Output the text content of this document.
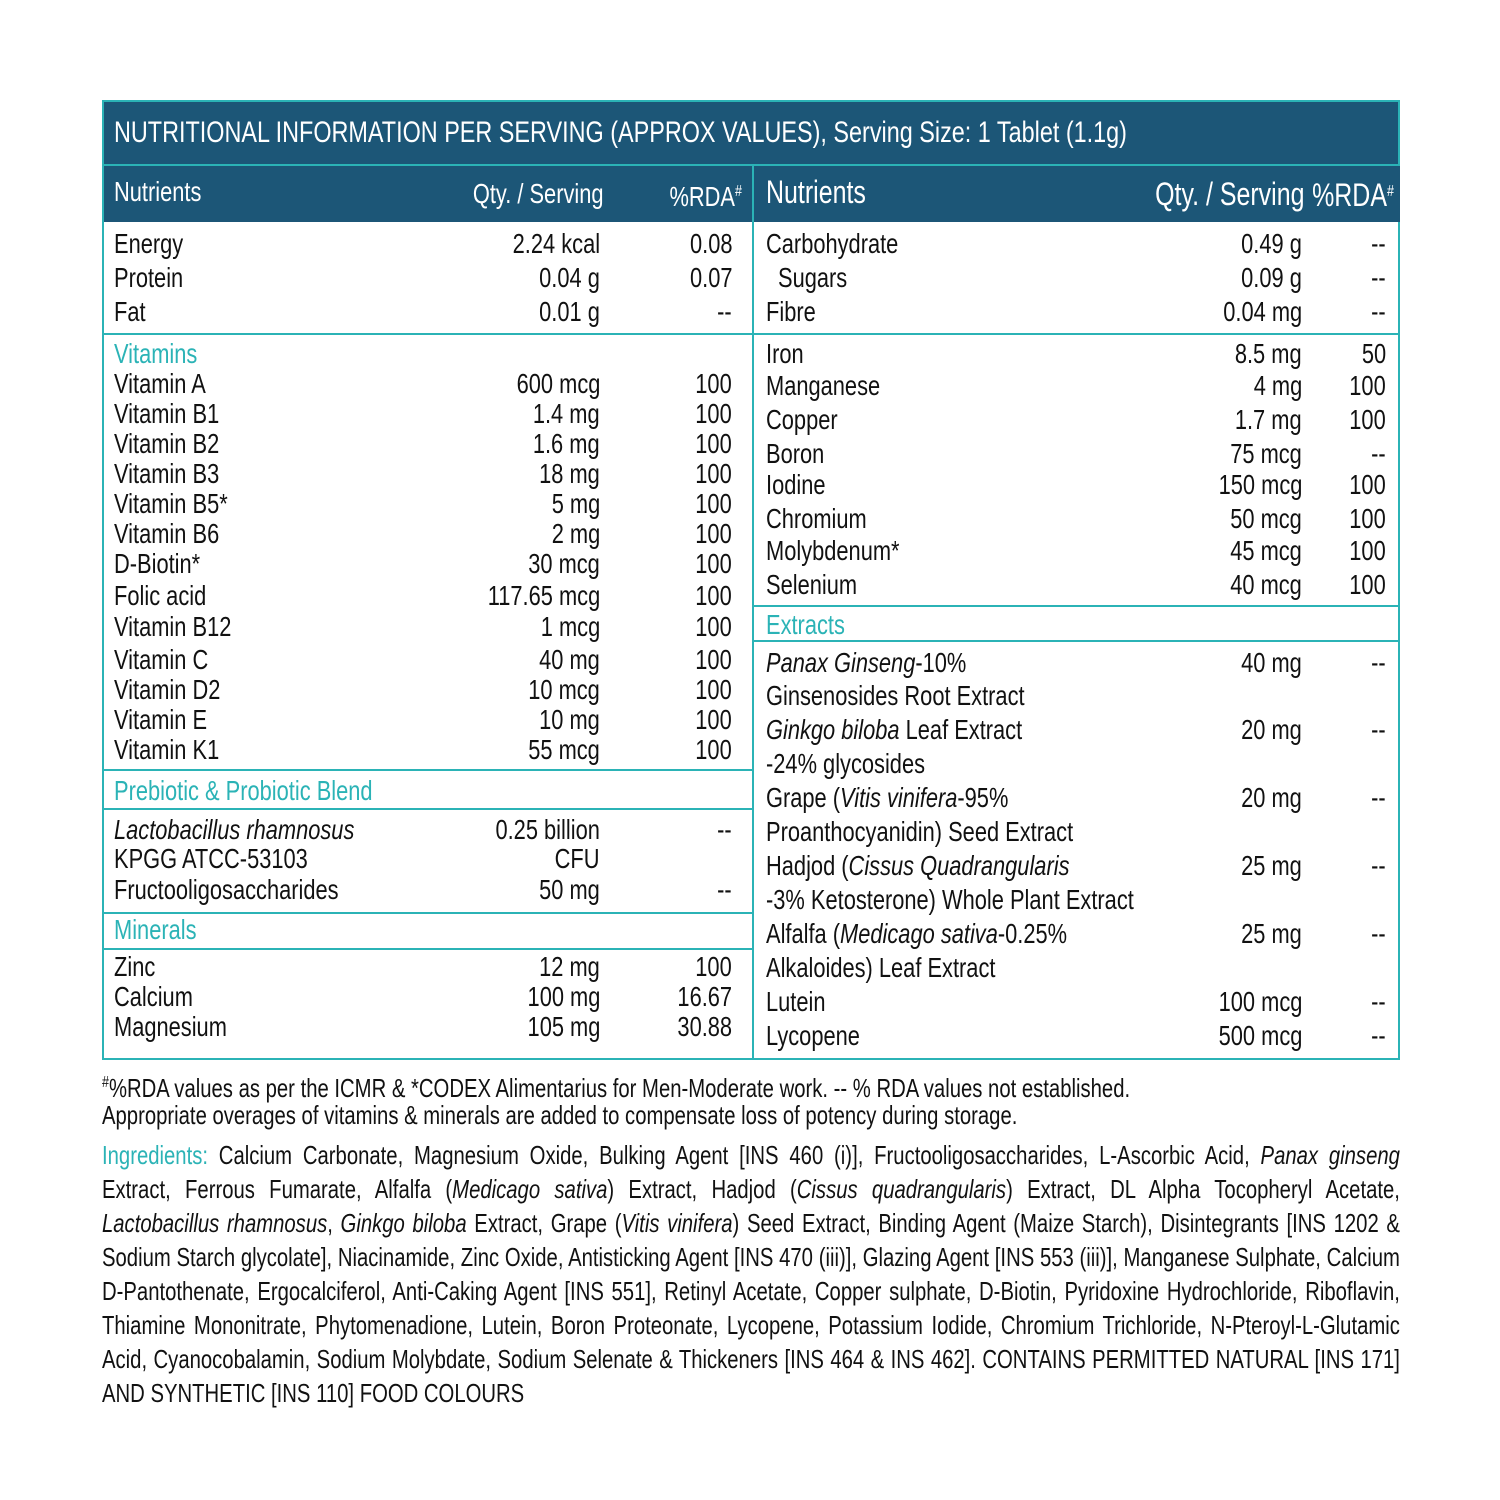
NUTRITIONAL INFORMATION PER SERVING (APPROX VALUES), Serving Size: 1 Tablet (1.1g)
Nutrients	Qty. / Serving %RDA# Nutrients	Qty. / Serving %RDA#
Energy	2.24 kcal	0.08
Protein	0.04 g	0.07
Fat	0.01 g	--
Vitamins
Vitamin A	600 mcg	100
Vitamin B1	1.4 mg	100
Vitamin B2	1.6 mg	100
Vitamin B3	18 mg	100
Vitamin B5*	5 mg	100
Vitamin B6	2 mg	100
D-Biotin*	30 mcg	100
Folic acid	117.65 mcg	100
Vitamin B12	1 mcg	100
Vitamin C	40 mg	100
Vitamin D2	10 mcg	100
Vitamin E	10 mg	100
Vitamin K1	55 mcg	100
Prebiotic & Probiotic Blend
Lactobacillus rhamnosus	0.25 billion	--
KPGG ATCC-53103	CFU
Fructooligosaccharides	50 mg	--
Minerals
Zinc	12 mg	100
Calcium	100 mg	16.67
Magnesium	105 mg	30.88
Carbohydrate	0.49 g --
Sugars	0.09 g --
Fibre	0.04 mg --
Iron	8.5 mg 50
Manganese	4 mg 100
Copper	1.7 mg 100
Boron	75 mcg --
Iodine	150 mcg 100
Chromium	50 mcg 100
Molybdenum*	45 mcg 100
Selenium	40 mcg 100
Extracts
Panax Ginseng-10%	40 mg --
Ginsenosides Root Extract
Ginkgo biloba Leaf Extract	20 mg --
-24% glycosides
Grape (Vitis vinifera-95%	20 mg --
Proanthocyanidin) Seed Extract
Hadjod (Cissus Quadrangularis	25 mg --
-3% Ketosterone) Whole Plant Extract
Alfalfa (Medicago sativa-0.25%	25 mg --
Alkaloides) Leaf Extract
Lutein	100 mcg --
Lycopene	500 mcg --
#%RDA values as per the ICMR & *CODEX Alimentarius for Men-Moderate work. -- % RDA values not established.
Appropriate overages of vitamins & minerals are added to compensate loss of potency during storage.
Ingredients: Calcium Carbonate, Magnesium Oxide, Bulking Agent [INS 460 (i)], Fructooligosaccharides, L-Ascorbic Acid, Panax ginseng Extract, Ferrous Fumarate, Alfalfa (Medicago sativa) Extract, Hadjod (Cissus quadrangularis) Extract, DL Alpha Tocopheryl Acetate, Lactobacillus rhamnosus, Ginkgo biloba Extract, Grape (Vitis vinifera) Seed Extract, Binding Agent (Maize Starch), Disintegrants [INS 1202 & Sodium Starch glycolate], Niacinamide, Zinc Oxide, Antisticking Agent [INS 470 (iii)], Glazing Agent [INS 553 (iii)], Manganese Sulphate, Calcium D-Pantothenate, Ergocalciferol, Anti-Caking Agent [INS 551], Retinyl Acetate, Copper sulphate, D-Biotin, Pyridoxine Hydrochloride, Riboflavin, Thiamine Mononitrate, Phytomenadione, Lutein, Boron Proteonate, Lycopene, Potassium Iodide, Chromium Trichloride, N-Pteroyl-L-Glutamic Acid, Cyanocobalamin, Sodium Molybdate, Sodium Selenate & Thickeners [INS 464 & INS 462]. CONTAINS PERMITTED NATURAL [INS 171] AND SYNTHETIC [INS 110] FOOD COLOURS
